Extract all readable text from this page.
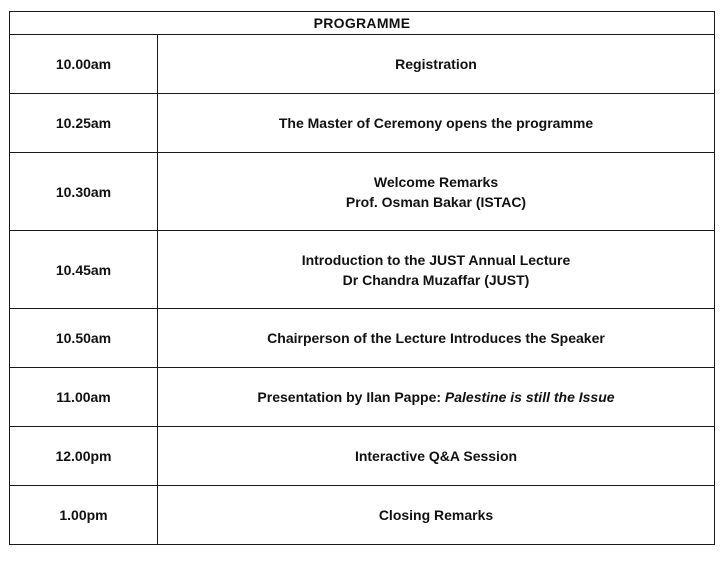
PROGRAMME	
10.00am	Registration

10.25am	The Master of Ceremony opens the programme

10.30am	Welcome Remarks
Prof. Osman Bakar (ISTAC)

10.45am	Introduction to the JUST Annual Lecture
Dr Chandra Muzaffar (JUST)

10.50am	Chairperson of the Lecture Introduces the Speaker

11.00am	Presentation by Ilan Pappe: Palestine is still the Issue
12.00pm	Interactive Q&A Session

1.00pm	Closing Remarks
